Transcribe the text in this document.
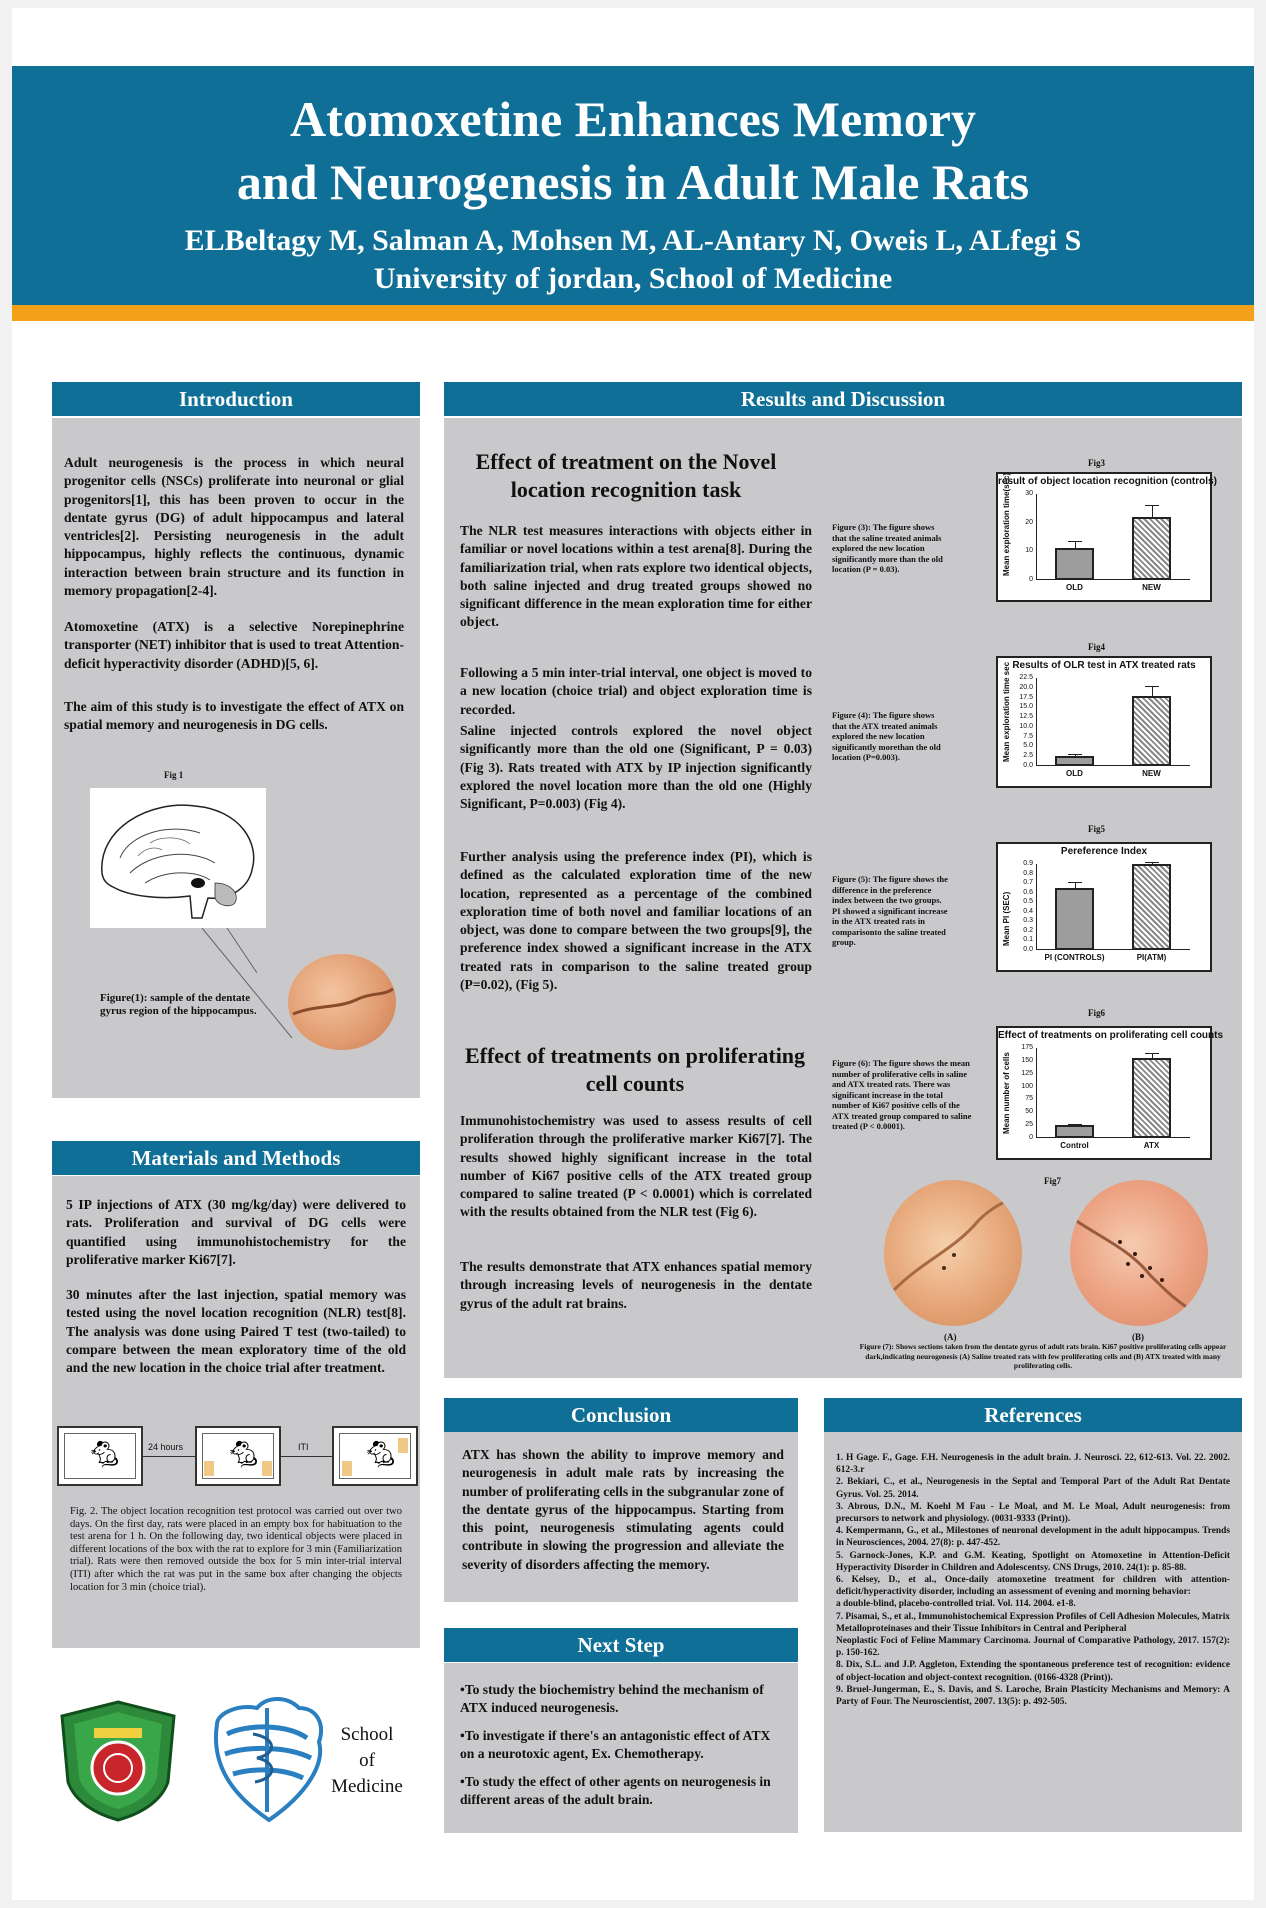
Atomoxetine Enhances Memory
and Neurogenesis in Adult Male Rats
ELBeltagy M, Salman A, Mohsen M, AL-Antary N, Oweis L, ALfegi S
University of jordan, School of Medicine
Introduction
Adult neurogenesis is the process in which neural progenitor cells (NSCs) proliferate into neuronal or glial progenitors[1], this has been proven to occur in the dentate gyrus (DG) of adult hippocampus and lateral ventricles[2]. Persisting neurogenesis in the adult hippocampus, highly reflects the continuous, dynamic interaction between brain structure and its function in memory propagation[2-4].
Atomoxetine (ATX) is a selective Norepinephrine transporter (NET) inhibitor that is used to treat Attention-deficit hyperactivity disorder (ADHD)[5, 6].
The aim of this study is to investigate the effect of ATX on spatial memory and neurogenesis in DG cells.
Fig 1
Figure(1): sample of the dentate gyrus region of the hippocampus.
Materials and Methods
5 IP injections of ATX (30 mg/kg/day) were delivered to rats. Proliferation and survival of DG cells were quantified using immunohistochemistry for the proliferative marker Ki67[7].
30 minutes after the last injection, spatial memory was tested using the novel location recognition (NLR) test[8]. The analysis was done using Paired T test (two-tailed) to compare between the mean exploratory time of the old and the new location in the choice trial after treatment.
🐁︎	🐁︎	🐁︎
24 hours	ITI
Fig. 2. The object location recognition test protocol was carried out over two days. On the first day, rats were placed in an empty box for habituation to the test arena for 1 h. On the following day, two identical objects were placed in different locations of the box with the rat to explore for 3 min (Familiarization trial). Rats were then removed outside the box for 5 min inter-trial interval (ITI) after which the rat was put in the same box after changing the objects location for 3 min (choice trial).
School
of
Medicine
Results and Discussion
Effect of treatment on the Novel
location recognition task
The NLR test measures interactions with objects either in familiar or novel locations within a test arena[8]. During the familiarization trial, when rats explore two identical objects, both saline injected and drug treated groups showed no significant difference in the mean exploration time for either object.
Following a 5 min inter-trial interval, one object is moved to a new location (choice trial) and object exploration time is recorded.
Saline injected controls explored the novel object significantly more than the old one (Significant, P = 0.03) (Fig 3). Rats treated with ATX by IP injection significantly explored the novel location more than the old one (Highly Significant, P=0.003) (Fig 4).
Further analysis using the preference index (PI), which is defined as the calculated exploration time of the new location, represented as a percentage of the combined exploration time of both novel and familiar locations of an object, was done to compare between the two groups[9], the preference index showed a significant increase in the ATX treated rats in comparison to the saline treated group (P=0.02), (Fig 5).
Effect of treatments on proliferating
cell counts
Immunohistochemistry was used to assess results of cell proliferation through the proliferative marker Ki67[7]. The results showed highly significant increase in the total number of Ki67 positive cells of the ATX treated group compared to saline treated (P < 0.0001) which is correlated with the results obtained from the NLR test (Fig 6).
The results demonstrate that ATX enhances spatial memory through increasing levels of neurogenesis in the dentate gyrus of the adult rat brains.
Figure (3): The figure shows that the saline treated animals explored the new location significantly more than the old location (P = 0.03).
Figure (4): The figure shows that the ATX treated animals explored the new location significantly morethan the old location (P=0.003).
Figure (5): The figure shows the difference in the preference index between the two groups. PI showed a significant increase in the ATX treated rats in comparisonto the saline treated group.
Figure (6): The figure shows the mean number of proliferative cells in saline and ATX treated rats. There was significant increase in the total number of Ki67 positive cells of the ATX treated group compared to saline treated (P < 0.0001).
Fig3
Fig4
Fig5
Fig6
Fig7
result of object location recognition (controls)
Mean exploration time(sec)
0
10
20
30
OLD	NEW
Results of OLR test in ATX treated rats
Mean exploration time sec
0.0
2.5
5.0
7.5
10.0
12.5
15.0
17.5
20.0
22.5
OLD	NEW
Pereference Index
Mean PI (SEC)
0.0
0.1
0.2
0.3
0.4
0.5
0.6
0.7
0.8
0.9
PI (CONTROLS)	PI(ATM)
Effect of treatments on proliferating cell counts
Mean number of cells
0
25
50
75
100
125
150
175
Control	ATX
(A)	(B)
Figure (7): Shows sections taken from the dentate gyrus of adult rats brain. Ki67 positive proliferating cells appear dark,indicating neurogenesis (A) Saline treated rats with few proliferating cells and (B) ATX treated with many proliferating cells.
Conclusion
ATX has shown the ability to improve memory and neurogenesis in adult male rats by increasing the number of proliferating cells in the subgranular zone of the dentate gyrus of the hippocampus. Starting from this point, neurogenesis stimulating agents could contribute in slowing the progression and alleviate the severity of disorders affecting the memory.
Next Step
•To study the biochemistry behind the mechanism of ATX induced neurogenesis.
•To investigate if there's an antagonistic effect of ATX on a neurotoxic agent, Ex. Chemotherapy.
•To study the effect of other agents on neurogenesis in different areas of the adult brain.
References
1. H Gage. F., Gage. F.H. Neurogenesis in the adult brain. J. Neurosci. 22, 612-613. Vol. 22. 2002. 612-3.r
2. Bekiari, C., et al., Neurogenesis in the Septal and Temporal Part of the Adult Rat Dentate Gyrus. Vol. 25. 2014.
3. Abrous, D.N., M. Koehl M Fau - Le Moal, and M. Le Moal, Adult neurogenesis: from precursors to network and physiology. (0031-9333 (Print)).
4. Kempermann, G., et al., Milestones of neuronal development in the adult hippocampus. Trends in Neurosciences, 2004. 27(8): p. 447-452.
5. Garnock-Jones, K.P. and G.M. Keating, Spotlight on Atomoxetine in Attention-Deficit Hyperactivity Disorder in Children and Adolescentsy. CNS Drugs, 2010. 24(1): p. 85-88.
6. Kelsey, D., et al., Once-daily atomoxetine treatment for children with attention-deficit/hyperactivity disorder, including an assessment of evening and morning behavior:
a double-blind, placebo-controlled trial. Vol. 114. 2004. e1-8.
7. Pisamai, S., et al., Immunohistochemical Expression Profiles of Cell Adhesion Molecules, Matrix Metalloproteinases and their Tissue Inhibitors in Central and Peripheral
Neoplastic Foci of Feline Mammary Carcinoma. Journal of Comparative Pathology, 2017. 157(2): p. 150-162.
8. Dix, S.L. and J.P. Aggleton, Extending the spontaneous preference test of recognition: evidence of object-location and object-context recognition. (0166-4328 (Print)).
9. Bruel-Jungerman, E., S. Davis, and S. Laroche, Brain Plasticity Mechanisms and Memory: A Party of Four. The Neuroscientist, 2007. 13(5): p. 492-505.
